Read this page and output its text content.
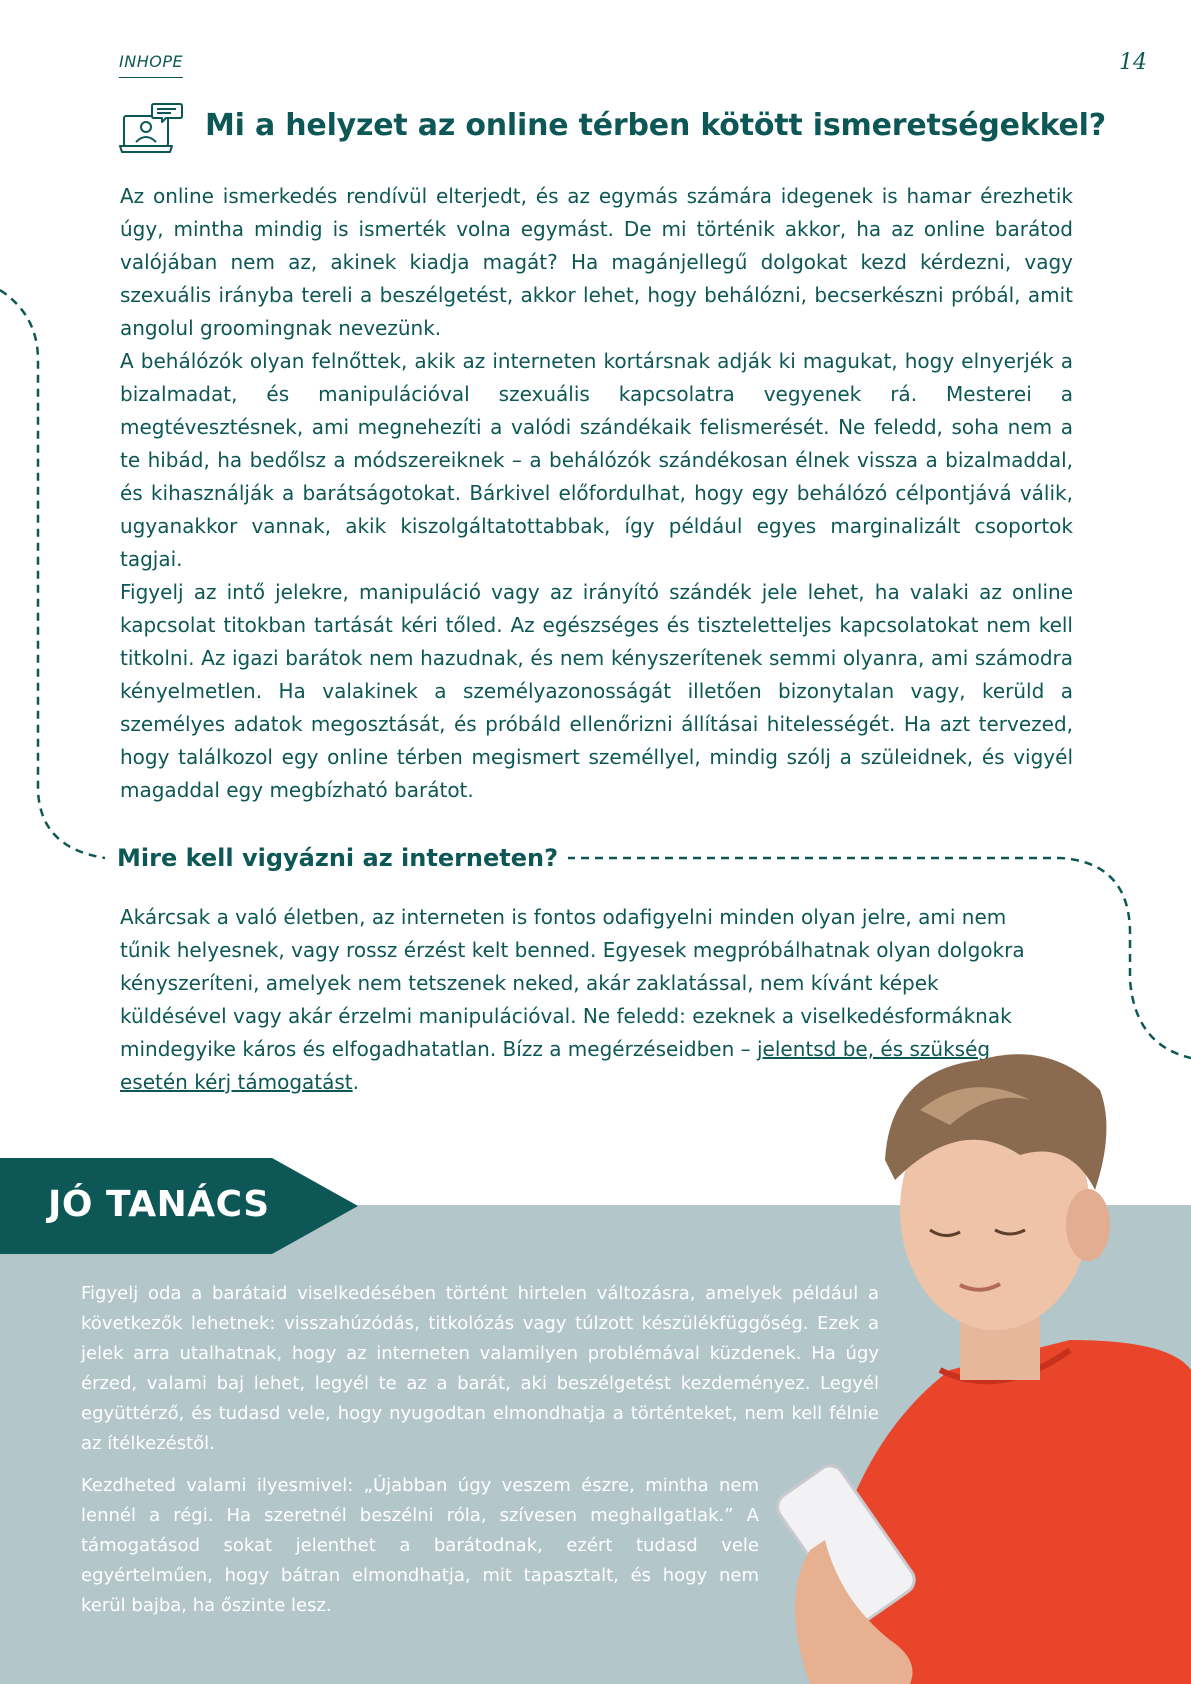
INHOPE	14
Mi a helyzet az online térben kötött ismeretségekkel?

Az online ismerkedés rendívül elterjedt, és az egymás számára idegenek is hamar érezhetik úgy, mintha mindig is ismerték volna egymást. De mi történik akkor, ha az online barátod valójában nem az, akinek kiadja magát? Ha magánjellegű dolgokat kezd kérdezni, vagy szexuális irányba tereli a beszélgetést, akkor lehet, hogy behálózni, becserkészni próbál, amit angolul groomingnak nevezünk.

A behálózók olyan felnőttek, akik az interneten kortársnak adják ki magukat, hogy elnyerjék a bizalmadat, és manipulációval szexuális kapcsolatra vegyenek rá. Mesterei a megtévesztésnek, ami megnehezíti a valódi szándékaik felismerését. Ne feledd, soha nem a te hibád, ha bedőlsz a módszereiknek – a behálózók szándékosan élnek vissza a bizalmaddal, és kihasználják a barátságotokat. Bárkivel előfordulhat, hogy egy behálózó célpontjává válik, ugyanakkor vannak, akik kiszolgáltatottabbak, így például egyes marginalizált csoportok tagjai.

Figyelj az intő jelekre, manipuláció vagy az irányító szándék jele lehet, ha valaki az online kapcsolat titokban tartását kéri tőled. Az egészséges és tiszteletteljes kapcsolatokat nem kell titkolni. Az igazi barátok nem hazudnak, és nem kényszerítenek semmi olyanra, ami számodra kényelmetlen. Ha valakinek a személyazonosságát illetően bizonytalan vagy, kerüld a személyes adatok megosztását, és próbáld ellenőrizni állításai hitelességét. Ha azt tervezed, hogy találkozol egy online térben megismert személlyel, mindig szólj a szüleidnek, és vigyél magaddal egy megbízható barátot.

Mire kell vigyázni az interneten?

Akárcsak a való életben, az interneten is fontos odafigyelni minden olyan jelre, ami nem tűnik helyesnek, vagy rossz érzést kelt benned. Egyesek megpróbálhatnak olyan dolgokra kényszeríteni, amelyek nem tetszenek neked, akár zaklatással, nem kívánt képek küldésével vagy akár érzelmi manipulációval. Ne feledd: ezeknek a viselkedésformáknak mindegyike káros és elfogadhatatlan. Bízz a megérzéseidben – jelentsd be, és szükség esetén kérj támogatást.

JÓ TANÁCS

Figyelj oda a barátaid viselkedésében történt hirtelen változásra, amelyek például a következők lehetnek: visszahúzódás, titkolózás vagy túlzott készülékfüggőség. Ezek a jelek arra utalhatnak, hogy az interneten valamilyen problémával küzdenek. Ha úgy érzed, valami baj lehet, legyél te az a barát, aki beszélgetést kezdeményez. Legyél együttérző, és tudasd vele, hogy nyugodtan elmondhatja a történteket, nem kell félnie az ítélkezéstől.

Kezdheted valami ilyesmivel: „Újabban úgy veszem észre, mintha nem lennél a régi. Ha szeretnél beszélni róla, szívesen meghallgatlak.” A támogatásod sokat jelenthet a barátodnak, ezért tudasd vele egyértelműen, hogy bátran elmondhatja, mit tapasztalt, és hogy nem kerül bajba, ha őszinte lesz.
